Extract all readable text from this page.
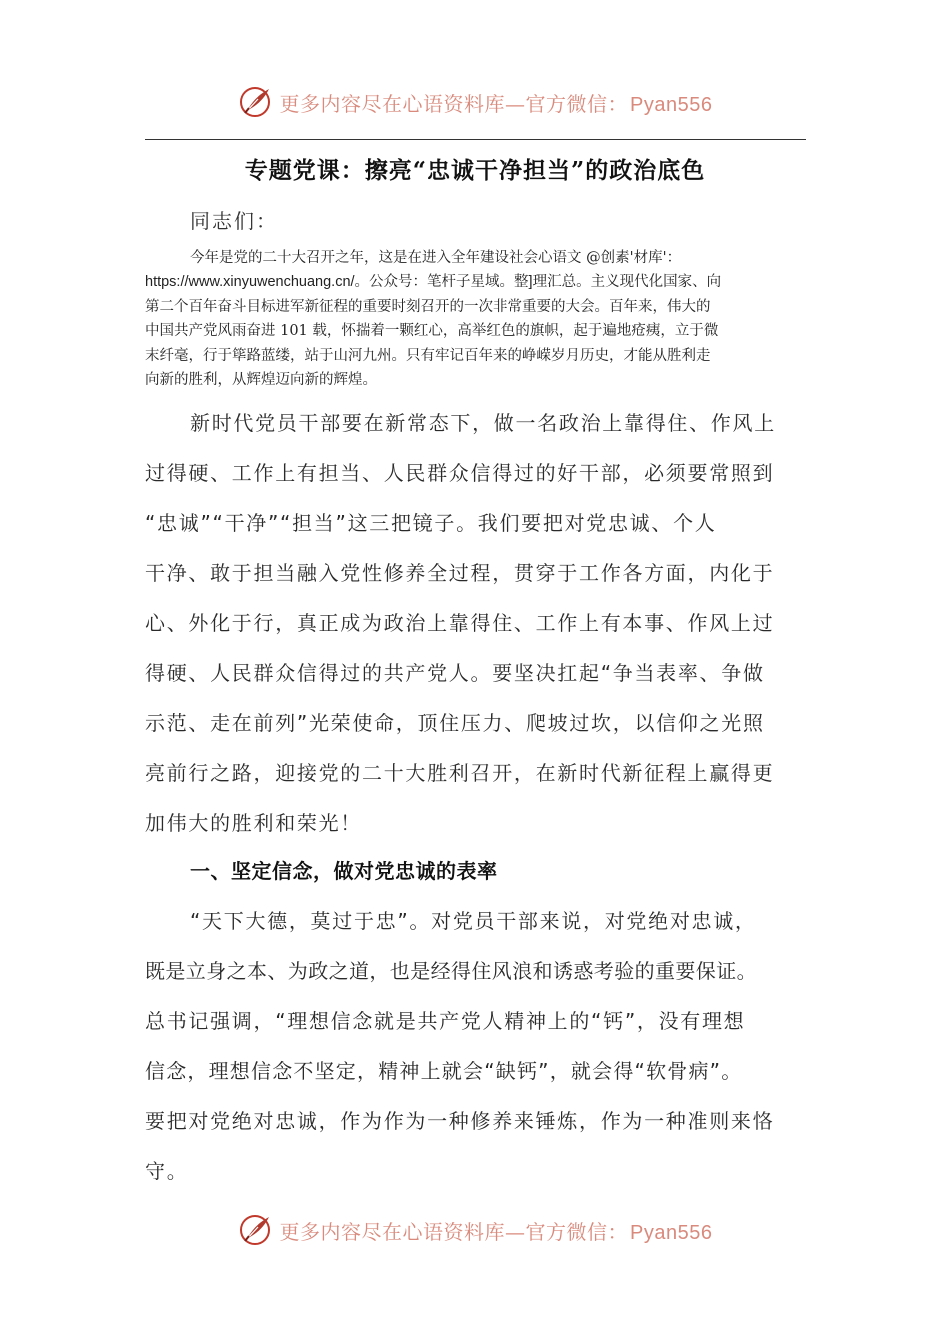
更多内容尽在心语资料库—官方微信： Pyan556
专题党课：擦亮“忠诚干净担当”的政治底色
同志们：
今年是党的二十大召开之年，这是在进入全年建设社会心语文 @创素'材库'：
https://www.xinyuwenchuang.cn/。公众号：笔杆子星域。整]理汇总。主义现代化国家、向
第二个百年奋斗目标进军新征程的重要时刻召开的一次非常重要的大会。百年来，伟大的
中国共产党风雨奋进 101 载，怀揣着一颗红心，高举红色的旗帜，起于遍地疮痍，立于微
末纤毫，行于筚路蓝缕，站于山河九州。只有牢记百年来的峥嵘岁月历史，才能从胜利走
向新的胜利，从辉煌迈向新的辉煌。
新时代党员干部要在新常态下，做一名政治上靠得住、作风上
过得硬、工作上有担当、人民群众信得过的好干部，必须要常照到
“忠诚”“干净”“担当”这三把镜子。我们要把对党忠诚、个人
干净、敢于担当融入党性修养全过程，贯穿于工作各方面，内化于
心、外化于行，真正成为政治上靠得住、工作上有本事、作风上过
得硬、人民群众信得过的共产党人。要坚决扛起“争当表率、争做
示范、走在前列”光荣使命，顶住压力、爬坡过坎，以信仰之光照
亮前行之路，迎接党的二十大胜利召开，在新时代新征程上赢得更
加伟大的胜利和荣光！
一、坚定信念，做对党忠诚的表率
“天下大德，莫过于忠”。对党员干部来说，对党绝对忠诚，
既是立身之本、为政之道，也是经得住风浪和诱惑考验的重要保证。
总书记强调，“理想信念就是共产党人精神上的“钙”，没有理想
信念，理想信念不坚定，精神上就会“缺钙”，就会得“软骨病”。
要把对党绝对忠诚，作为作为一种修养来锤炼，作为一种准则来恪
守。
更多内容尽在心语资料库—官方微信： Pyan556
